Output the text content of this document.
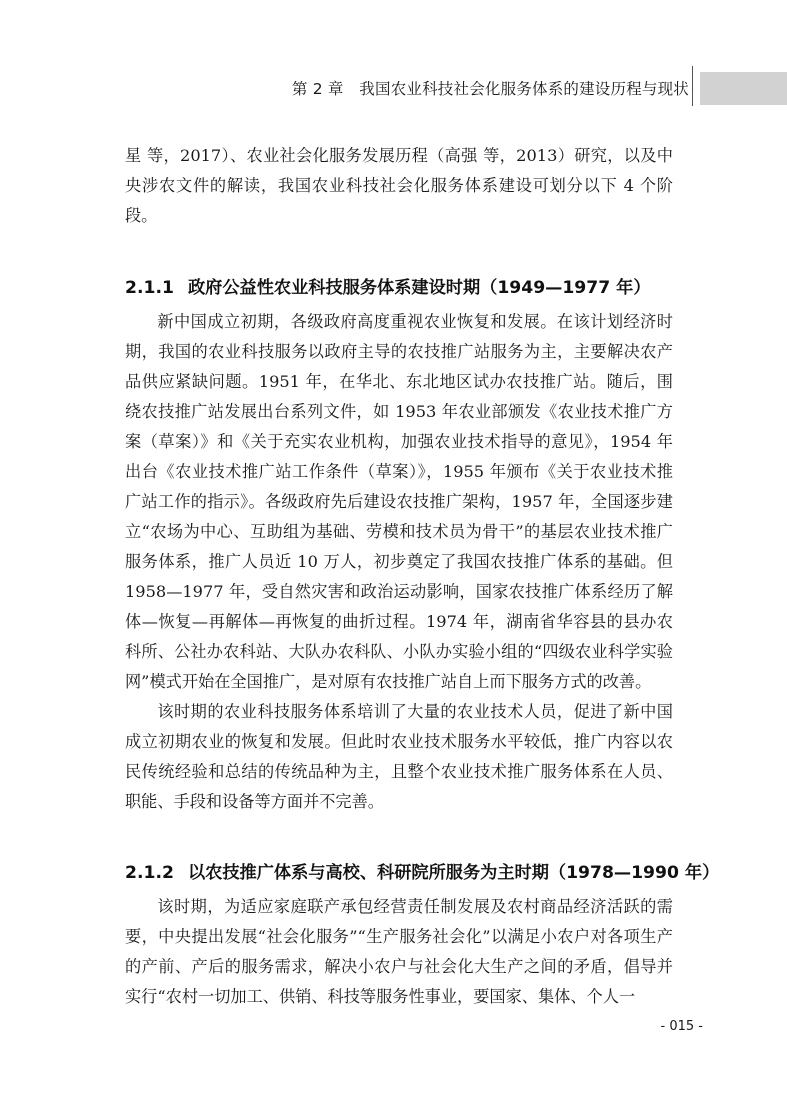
第 2 章　我国农业科技社会化服务体系的建设历程与现状

星 等，2017）、农业社会化服务发展历程（高强 等，2013）研究，以及中央涉农文件的解读，我国农业科技社会化服务体系建设可划分以下 4 个阶段。

2.1.1 政府公益性农业科技服务体系建设时期（1949—1977 年）

新中国成立初期，各级政府高度重视农业恢复和发展。在该计划经济时期，我国的农业科技服务以政府主导的农技推广站服务为主，主要解决农产品供应紧缺问题。1951 年，在华北、东北地区试办农技推广站。随后，围绕农技推广站发展出台系列文件，如 1953 年农业部颁发《农业技术推广方案（草案）》和《关于充实农业机构，加强农业技术指导的意见》，1954 年出台《农业技术推广站工作条件（草案）》，1955 年颁布《关于农业技术推广站工作的指示》。各级政府先后建设农技推广架构，1957 年，全国逐步建立“农场为中心、互助组为基础、劳模和技术员为骨干”的基层农业技术推广服务体系，推广人员近 10 万人，初步奠定了我国农技推广体系的基础。但 1958—1977 年，受自然灾害和政治运动影响，国家农技推广体系经历了解体—恢复—再解体—再恢复的曲折过程。1974 年，湖南省华容县的县办农科所、公社办农科站、大队办农科队、小队办实验小组的“四级农业科学实验网”模式开始在全国推广，是对原有农技推广站自上而下服务方式的改善。

该时期的农业科技服务体系培训了大量的农业技术人员，促进了新中国成立初期农业的恢复和发展。但此时农业技术服务水平较低，推广内容以农民传统经验和总结的传统品种为主，且整个农业技术推广服务体系在人员、职能、手段和设备等方面并不完善。

2.1.2 以农技推广体系与高校、科研院所服务为主时期（1978—1990 年）

该时期，为适应家庭联产承包经营责任制发展及农村商品经济活跃的需要，中央提出发展“社会化服务”“生产服务社会化”以满足小农户对各项生产的产前、产后的服务需求，解决小农户与社会化大生产之间的矛盾，倡导并实行“农村一切加工、供销、科技等服务性事业，要国家、集体、个人一

- 015 -
